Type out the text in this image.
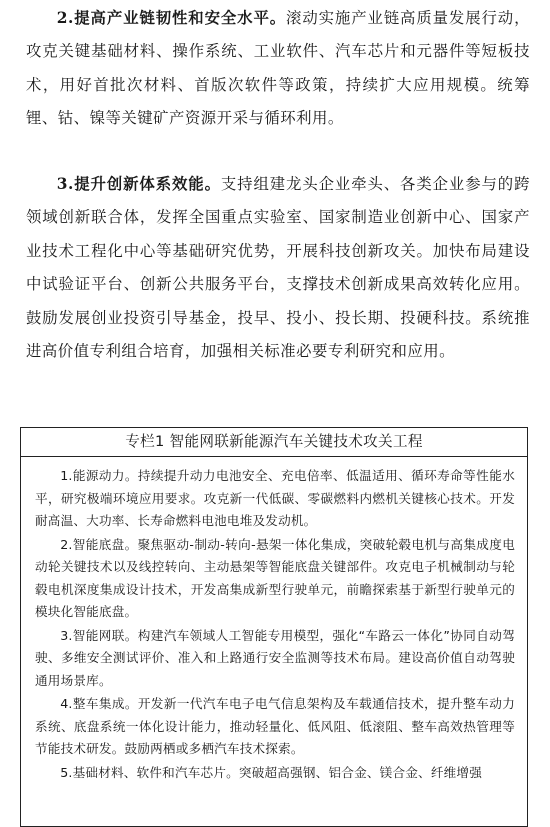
2.提高产业链韧性和安全水平。滚动实施产业链高质量发展行动，攻克关键基础材料、操作系统、工业软件、汽车芯片和元器件等短板技术，用好首批次材料、首版次软件等政策，持续扩大应用规模。统筹锂、钴、镍等关键矿产资源开采与循环利用。
3.提升创新体系效能。支持组建龙头企业牵头、各类企业参与的跨领域创新联合体，发挥全国重点实验室、国家制造业创新中心、国家产业技术工程化中心等基础研究优势，开展科技创新攻关。加快布局建设中试验证平台、创新公共服务平台，支撑技术创新成果高效转化应用。鼓励发展创业投资引导基金，投早、投小、投长期、投硬科技。系统推进高价值专利组合培育，加强相关标准必要专利研究和应用。
专栏1 智能网联新能源汽车关键技术攻关工程

1.能源动力。持续提升动力电池安全、充电倍率、低温适用、循环寿命等性能水平，研究极端环境应用要求。攻克新一代低碳、零碳燃料内燃机关键核心技术。开发耐高温、大功率、长寿命燃料电池电堆及发动机。

2.智能底盘。聚焦驱动-制动-转向-悬架一体化集成，突破轮毂电机与高集成度电动轮关键技术以及线控转向、主动悬架等智能底盘关键部件。攻克电子机械制动与轮毂电机深度集成设计技术，开发高集成新型行驶单元，前瞻探索基于新型行驶单元的模块化智能底盘。

3.智能网联。构建汽车领域人工智能专用模型，强化“车路云一体化”协同自动驾驶、多维安全测试评价、准入和上路通行安全监测等技术布局。建设高价值自动驾驶通用场景库。

4.整车集成。开发新一代汽车电子电气信息架构及车载通信技术，提升整车动力系统、底盘系统一体化设计能力，推动轻量化、低风阻、低滚阻、整车高效热管理等节能技术研发。鼓励两栖或多栖汽车技术探索。

5.基础材料、软件和汽车芯片。突破超高强钢、铝合金、镁合金、纤维增强
